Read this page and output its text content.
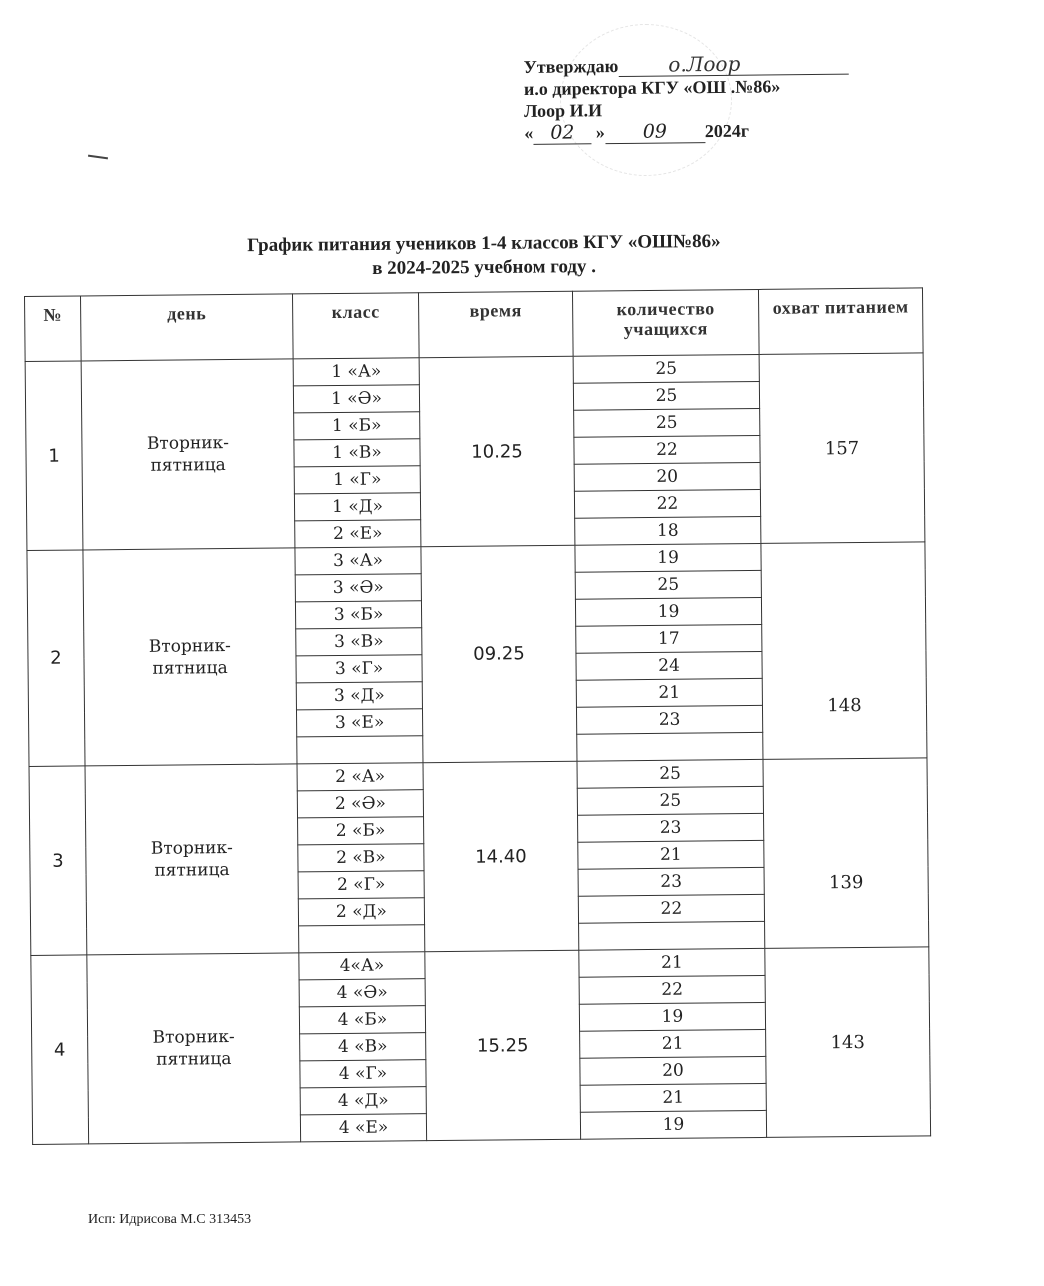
Утверждаю о.Лоор
и.о директора КГУ «ОШ .№86»
Лоор И.И
« 02 » 09 2024г
График питания учеников 1-4 классов КГУ «ОШ№86»
в 2024-2025 учебном году .
№	день	класс	время	количество учащихся	охват питанием
1	Вторник-пятница	1 «А»	10.25	25	157
		1 «Ә»		25	
		1 «Б»		25	
		1 «В»		22	
		1 «Г»		20	
		1 «Д»		22	
		2 «Е»		18	
2	Вторник-пятница	3 «А»	09.25	19	148
		3 «Ә»		25	
		3 «Б»		19	
		3 «В»		17	
		3 «Г»		24	
		3 «Д»		21	
		3 «Е»		23	

3	Вторник-пятница	2 «А»	14.40	25	139
		2 «Ә»		25	
		2 «Б»		23	
		2 «В»		21	
		2 «Г»		23	
		2 «Д»		22	

4	Вторник-пятница	4«А»	15.25	21	143
		4 «Ә»		22	
		4 «Б»		19	
		4 «В»		21	
		4 «Г»		20	
		4 «Д»		21	
		4 «Е»		19	
Исп: Идрисова М.С 313453
